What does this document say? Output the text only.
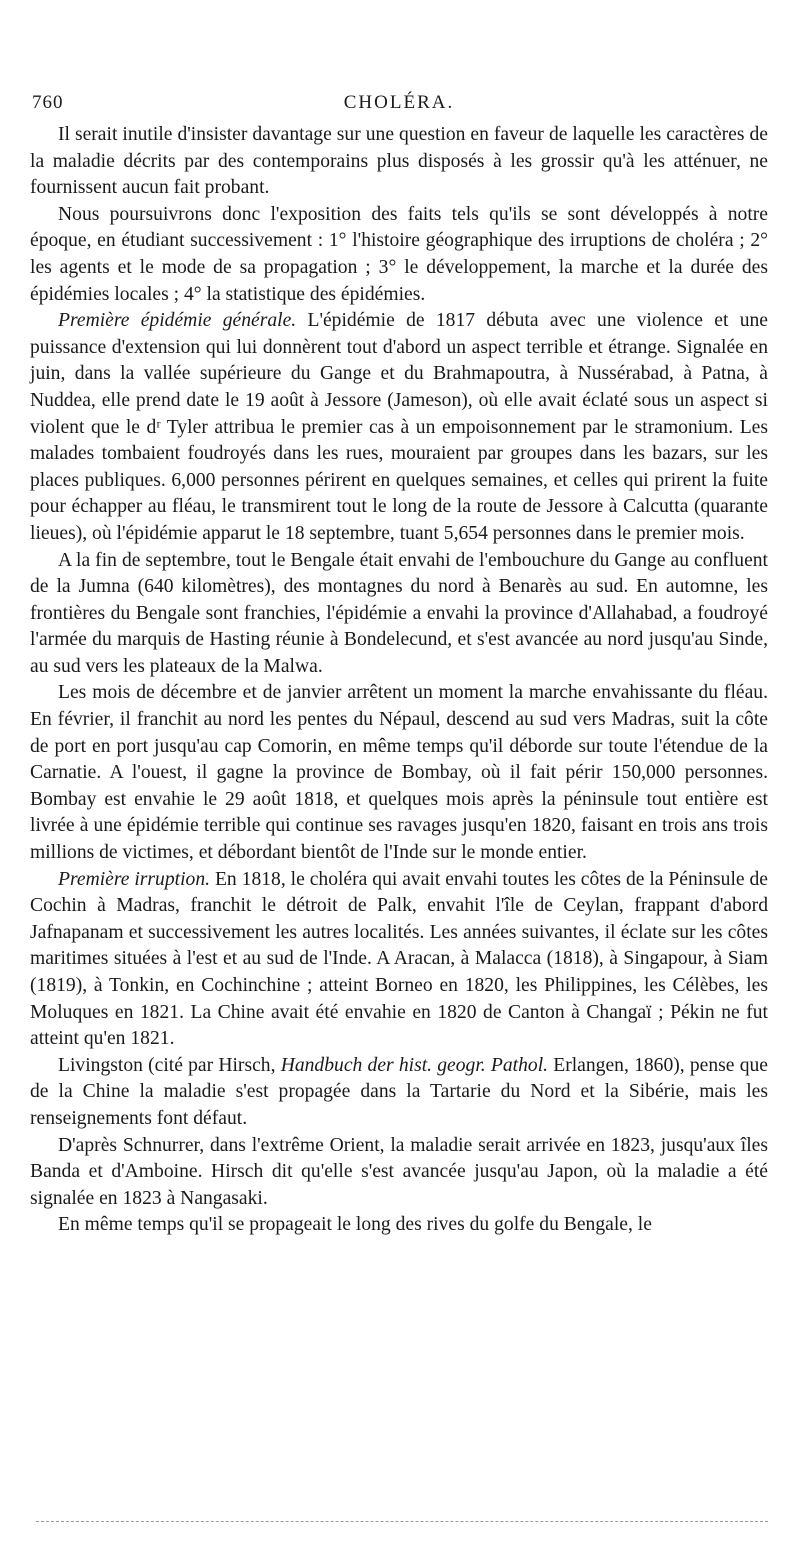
760	CHOLÉRA.

Il serait inutile d'insister davantage sur une question en faveur de laquelle les caractères de la maladie décrits par des contemporains plus disposés à les grossir qu'à les atténuer, ne fournissent aucun fait probant.

Nous poursuivrons donc l'exposition des faits tels qu'ils se sont développés à notre époque, en étudiant successivement : 1° l'histoire géographique des irruptions de choléra ; 2° les agents et le mode de sa propagation ; 3° le développement, la marche et la durée des épidémies locales ; 4° la statistique des épidémies.

Première épidémie générale. L'épidémie de 1817 débuta avec une violence et une puissance d'extension qui lui donnèrent tout d'abord un aspect terrible et étrange. Signalée en juin, dans la vallée supérieure du Gange et du Brahmapoutra, à Nussérabad, à Patna, à Nuddea, elle prend date le 19 août à Jessore (Jameson), où elle avait éclaté sous un aspect si violent que le dʳ Tyler attribua le premier cas à un empoisonnement par le stramonium. Les malades tombaient foudroyés dans les rues, mouraient par groupes dans les bazars, sur les places publiques. 6,000 personnes périrent en quelques semaines, et celles qui prirent la fuite pour échapper au fléau, le transmirent tout le long de la route de Jessore à Calcutta (quarante lieues), où l'épidémie apparut le 18 septembre, tuant 5,654 personnes dans le premier mois.

A la fin de septembre, tout le Bengale était envahi de l'embouchure du Gange au confluent de la Jumna (640 kilomètres), des montagnes du nord à Benarès au sud. En automne, les frontières du Bengale sont franchies, l'épidémie a envahi la province d'Allahabad, a foudroyé l'armée du marquis de Hasting réunie à Bondelecund, et s'est avancée au nord jusqu'au Sinde, au sud vers les plateaux de la Malwa.

Les mois de décembre et de janvier arrêtent un moment la marche envahissante du fléau. En février, il franchit au nord les pentes du Népaul, descend au sud vers Madras, suit la côte de port en port jusqu'au cap Comorin, en même temps qu'il déborde sur toute l'étendue de la Carnatie. A l'ouest, il gagne la province de Bombay, où il fait périr 150,000 personnes. Bombay est envahie le 29 août 1818, et quelques mois après la péninsule tout entière est livrée à une épidémie terrible qui continue ses ravages jusqu'en 1820, faisant en trois ans trois millions de victimes, et débordant bientôt de l'Inde sur le monde entier.

Première irruption. En 1818, le choléra qui avait envahi toutes les côtes de la Péninsule de Cochin à Madras, franchit le détroit de Palk, envahit l'île de Ceylan, frappant d'abord Jafnapanam et successivement les autres localités. Les années suivantes, il éclate sur les côtes maritimes situées à l'est et au sud de l'Inde. A Aracan, à Malacca (1818), à Singapour, à Siam (1819), à Tonkin, en Cochinchine ; atteint Borneo en 1820, les Philippines, les Célèbes, les Moluques en 1821. La Chine avait été envahie en 1820 de Canton à Changaï ; Pékin ne fut atteint qu'en 1821.

Livingston (cité par Hirsch, Handbuch der hist. geogr. Pathol. Erlangen, 1860), pense que de la Chine la maladie s'est propagée dans la Tartarie du Nord et la Sibérie, mais les renseignements font défaut.

D'après Schnurrer, dans l'extrême Orient, la maladie serait arrivée en 1823, jusqu'aux îles Banda et d'Amboine. Hirsch dit qu'elle s'est avancée jusqu'au Japon, où la maladie a été signalée en 1823 à Nangasaki.

En même temps qu'il se propageait le long des rives du golfe du Bengale, le
